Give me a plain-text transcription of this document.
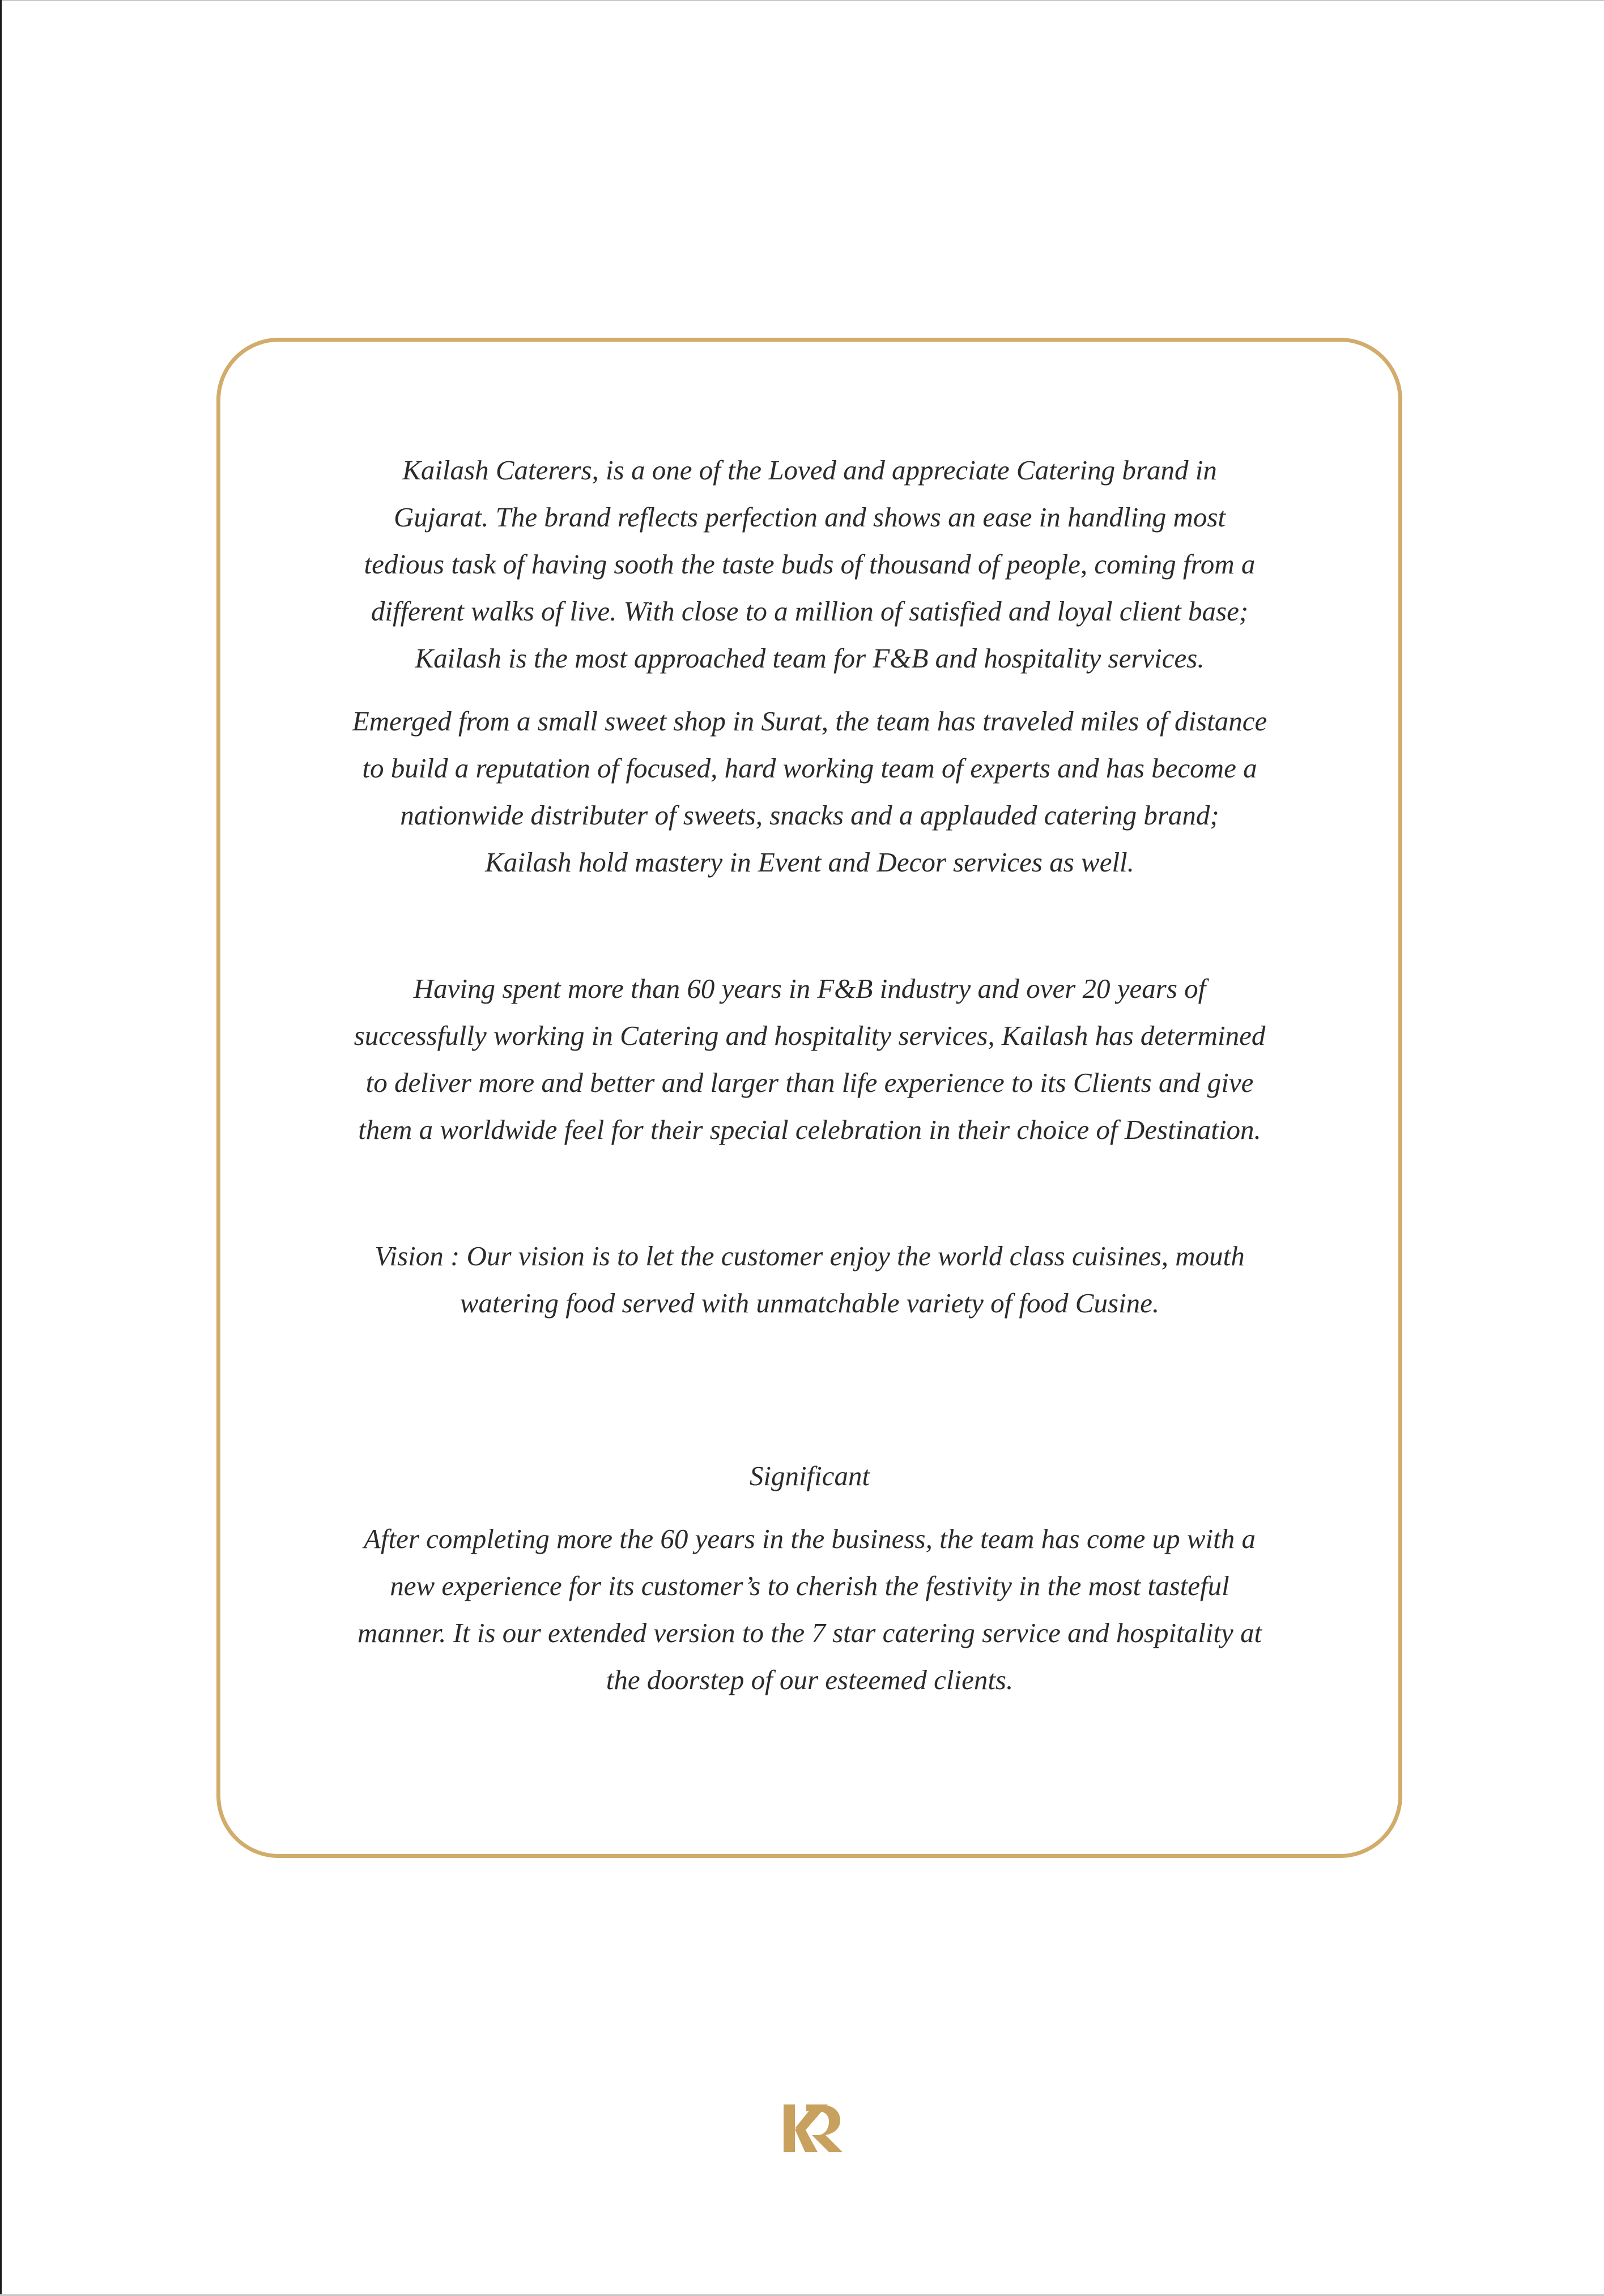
Kailash Caterers, is a one of the Loved and appreciate Catering brand in
Gujarat. The brand reflects perfection and shows an ease in handling most
tedious task of having sooth the taste buds of thousand of people, coming from a
different walks of live. With close to a million of satisfied and loyal client base;
Kailash is the most approached team for F&B and hospitality services.

Emerged from a small sweet shop in Surat, the team has traveled miles of distance
to build a reputation of focused, hard working team of experts and has become a
nationwide distributer of sweets, snacks and a applauded catering brand;
Kailash hold mastery in Event and Decor services as well.

Having spent more than 60 years in F&B industry and over 20 years of
successfully working in Catering and hospitality services, Kailash has determined
to deliver more and better and larger than life experience to its Clients and give
them a worldwide feel for their special celebration in their choice of Destination.

Vision : Our vision is to let the customer enjoy the world class cuisines, mouth
watering food served with unmatchable variety of food Cusine.

Significant

After completing more the 60 years in the business, the team has come up with a
new experience for its customer’s to cherish the festivity in the most tasteful
manner. It is our extended version to the 7 star catering service and hospitality at
the doorstep of our esteemed clients.
